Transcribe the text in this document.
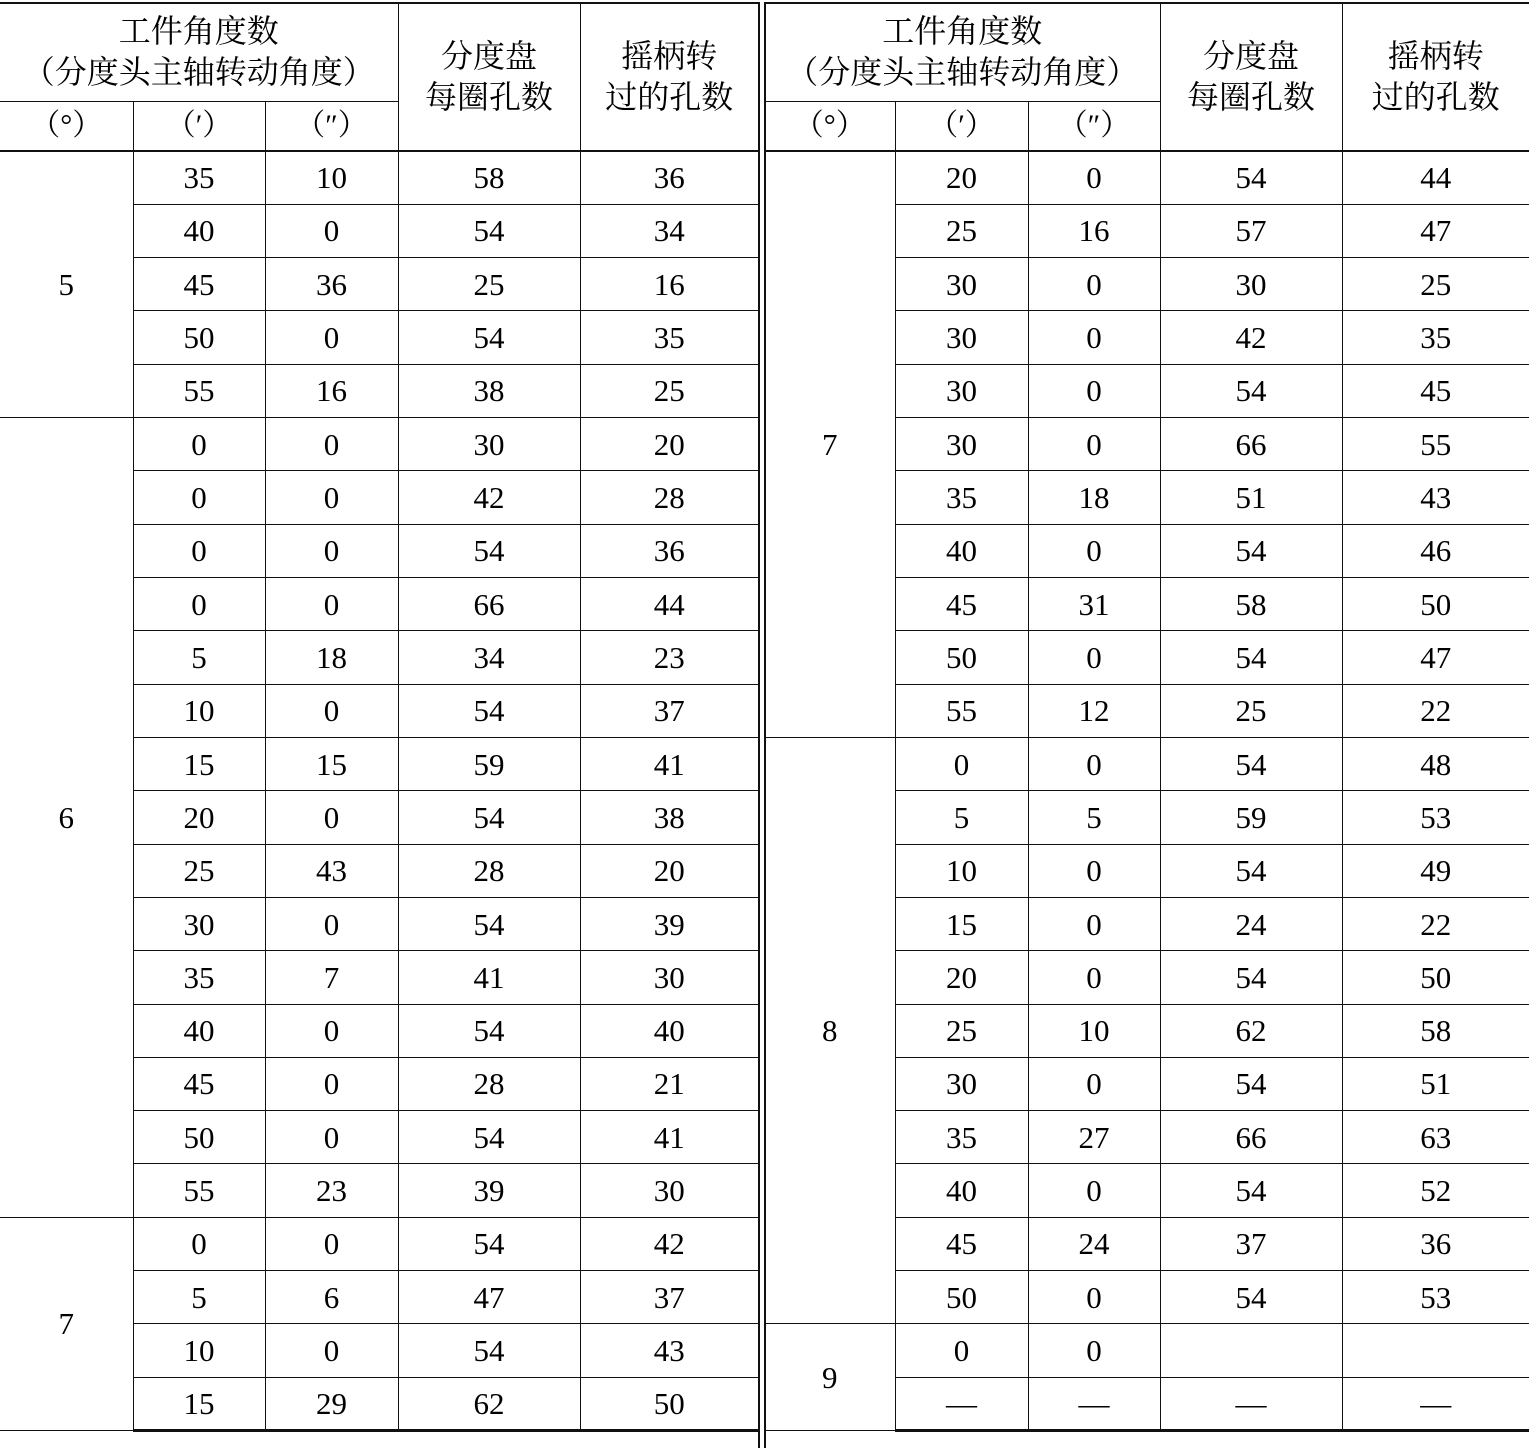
工件角度数
（分度头主轴转动角度）			分度盘
每圈孔数	摇柄转
过的孔数

（°）	（′）	（″）		
5	35	10	58	36
	40	0	54	34
	45	36	25	16
	50	0	54	35
	55	16	38	25
6	0	0	30	20
	0	0	42	28
	0	0	54	36
	0	0	66	44
	5	18	34	23
	10	0	54	37
	15	15	59	41
	20	0	54	38
	25	43	28	20
	30	0	54	39
	35	7	41	30
	40	0	54	40
	45	0	28	21
	50	0	54	41
	55	23	39	30
7	0	0	54	42
	5	6	47	37
	10	0	54	43
	15	29	62	50
工件角度数
（分度头主轴转动角度）			分度盘
每圈孔数	摇柄转
过的孔数

（°）	（′）	（″）		
7	20	0	54	44
	25	16	57	47
	30	0	30	25
	30	0	42	35
	30	0	54	45
	30	0	66	55
	35	18	51	43
	40	0	54	46
	45	31	58	50
	50	0	54	47
	55	12	25	22
8	0	0	54	48
	5	5	59	53
	10	0	54	49
	15	0	24	22
	20	0	54	50
	25	10	62	58
	30	0	54	51
	35	27	66	63
	40	0	54	52
	45	24	37	36
	50	0	54	53
9	0	0		
	—	—	—	—
